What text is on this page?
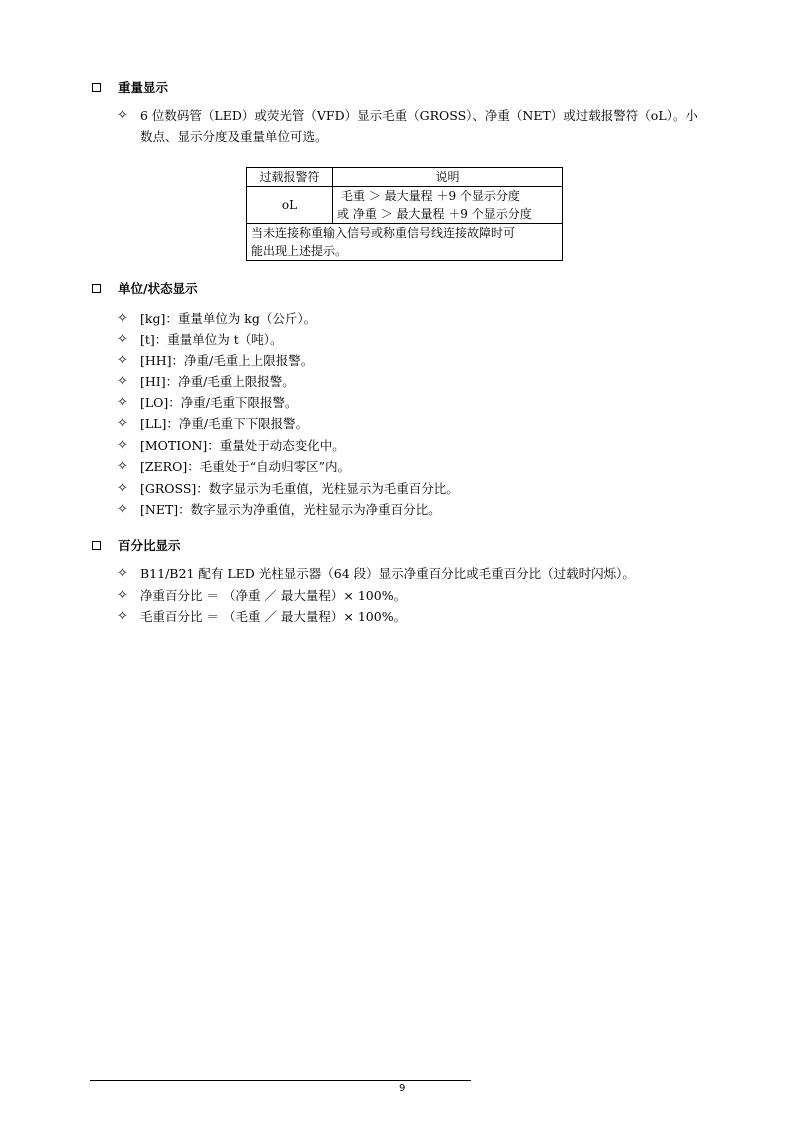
重量显示
✧ 6 位数码管（LED）或荧光管（VFD）显示毛重（GROSS）、净重（NET）或过载报警符（oL）。小
数点、显示分度及重量单位可选。
过载报警符	说明
oL	毛重 ＞ 最大量程 ＋9 个显示分度
或 净重 ＞ 最大量程 ＋9 个显示分度

当未连接称重输入信号或称重信号线连接故障时可
能出现上述提示。	
单位/状态显示
✧ [kg]：重量单位为 kg（公斤）。
✧ [t]：重量单位为 t（吨）。
✧ [HH]：净重/毛重上上限报警。
✧ [HI]：净重/毛重上限报警。
✧ [LO]：净重/毛重下限报警。
✧ [LL]：净重/毛重下下限报警。
✧ [MOTION]：重量处于动态变化中。
✧ [ZERO]：毛重处于“自动归零区”内。
✧ [GROSS]：数字显示为毛重值，光柱显示为毛重百分比。
✧ [NET]：数字显示为净重值，光柱显示为净重百分比。
百分比显示
✧ B11/B21 配有 LED 光柱显示器（64 段）显示净重百分比或毛重百分比（过载时闪烁）。
✧ 净重百分比 ＝ （净重 ／ 最大量程）× 100%。
✧ 毛重百分比 ＝ （毛重 ／ 最大量程）× 100%。
9
